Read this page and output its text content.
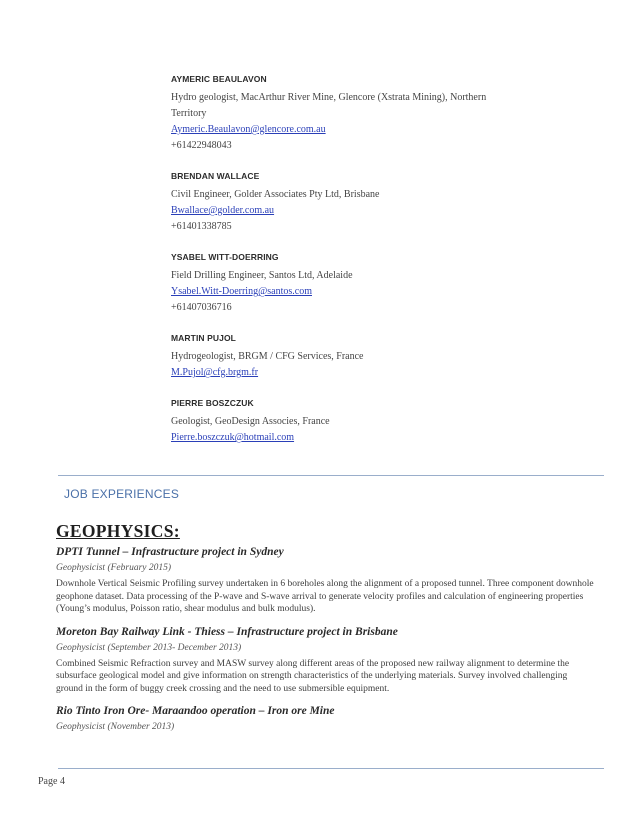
AYMERIC BEAULAVON
Hydro geologist, MacArthur River Mine, Glencore (Xstrata Mining), Northern
Territory
Aymeric.Beaulavon@glencore.com.au
+61422948043
BRENDAN WALLACE
Civil Engineer, Golder Associates Pty Ltd, Brisbane
Bwallace@golder.com.au
+61401338785
YSABEL WITT-DOERRING
Field Drilling Engineer, Santos Ltd, Adelaide
Ysabel.Witt-Doerring@santos.com
+61407036716
MARTIN PUJOL
Hydrogeologist, BRGM / CFG Services, France
M.Pujol@cfg.brgm.fr
PIERRE BOSZCZUK
Geologist, GeoDesign Associes, France
Pierre.boszczuk@hotmail.com
JOB EXPERIENCES
GEOPHYSICS:
DPTI Tunnel – Infrastructure project in Sydney
Geophysicist (February 2015)
Downhole Vertical Seismic Profiling survey undertaken in 6 boreholes along the alignment of a proposed tunnel. Three component downhole geophone dataset. Data processing of the P-wave and S-wave arrival to generate velocity profiles and calculation of engineering properties (Young’s modulus, Poisson ratio, shear modulus and bulk modulus).
Moreton Bay Railway Link - Thiess – Infrastructure project in Brisbane
Geophysicist (September 2013- December 2013)
Combined Seismic Refraction survey and MASW survey along different areas of the proposed new railway alignment to determine the subsurface geological model and give information on strength characteristics of the underlying materials. Survey involved challenging ground in the form of buggy creek crossing and the need to use submersible equipment.
Rio Tinto Iron Ore- Maraandoo operation – Iron ore Mine
Geophysicist (November 2013)
Page 4
